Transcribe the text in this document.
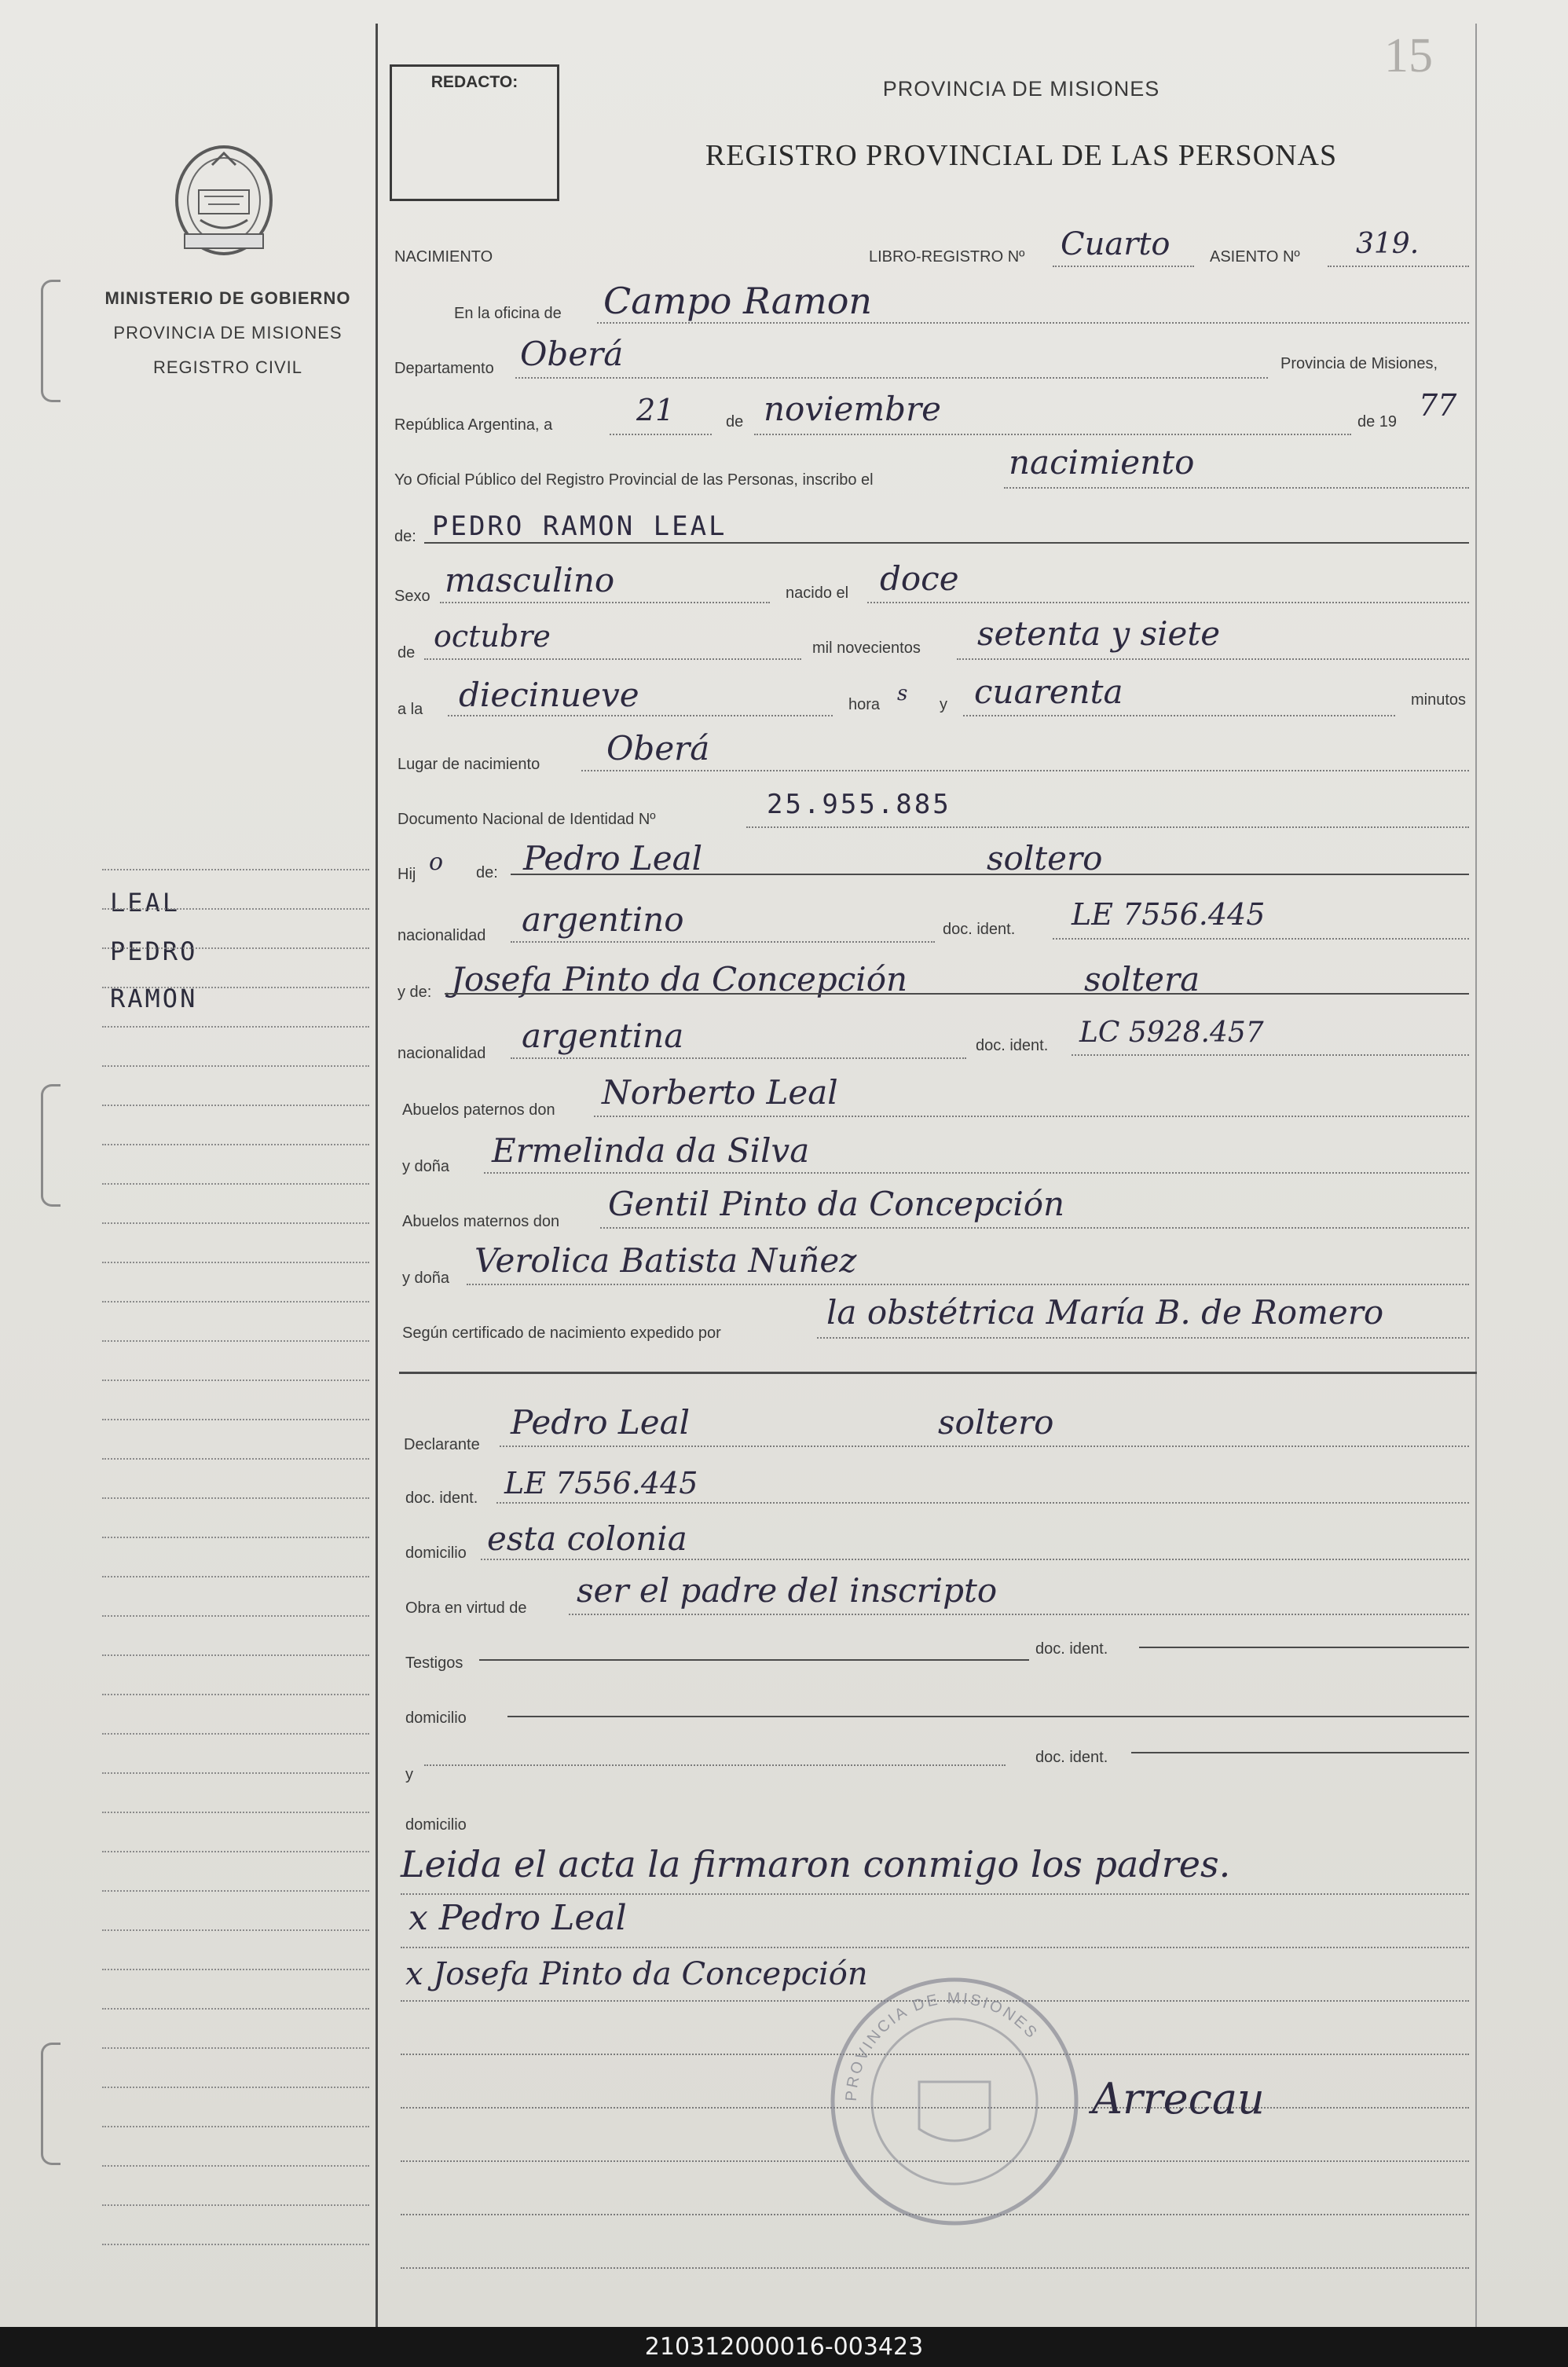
MINISTERIO DE GOBIERNO
PROVINCIA DE MISIONES
REGISTRO CIVIL
LEAL
PEDRO
RAMON
15
REDACTO:	PROVINCIA DE MISIONES
REGISTRO PROVINCIAL DE LAS PERSONAS
NACIMIENTO	LIBRO-REGISTRO Nº Cuarto	ASIENTO Nº 319.
En la oficina de Campo Ramon
Departamento Oberá	Provincia de Misiones,
República Argentina, a	21	de noviembre	de 19 77
Yo Oficial Público del Registro Provincial de las Personas, inscribo el	nacimiento
de: PEDRO RAMON LEAL
Sexo masculino	nacido el doce
de octubre	mil novecientos setenta y siete
a la diecinueve	hora s y cuarenta	minutos
Lugar de nacimiento Oberá
Documento Nacional de Identidad Nº	25.955.885
Hij o de: Pedro Leal	soltero
nacionalidad argentino	doc. ident. LE 7556.445
y de: Josefa Pinto da Concepción	soltera
nacionalidad argentina	doc. ident. LC 5928.457
Abuelos paternos don Norberto Leal
y doña Ermelinda da Silva
Abuelos maternos don Gentil Pinto da Concepción
y doña Verolica Batista Nuñez
Según certificado de nacimiento expedido por
la obstétrica María B. de Romero
Declarante
Pedro Leal	soltero
doc. ident. LE 7556.445
domicilio esta colonia
Obra en virtud de ser el padre del inscripto
Testigos
doc. ident.
domicilio
y
doc. ident.
domicilio
Leida el acta la firmaron conmigo los padres.
x Pedro Leal
x Josefa Pinto da Concepción
PROVINCIA DE MISIONES
Arrecau
210312000016-003423
